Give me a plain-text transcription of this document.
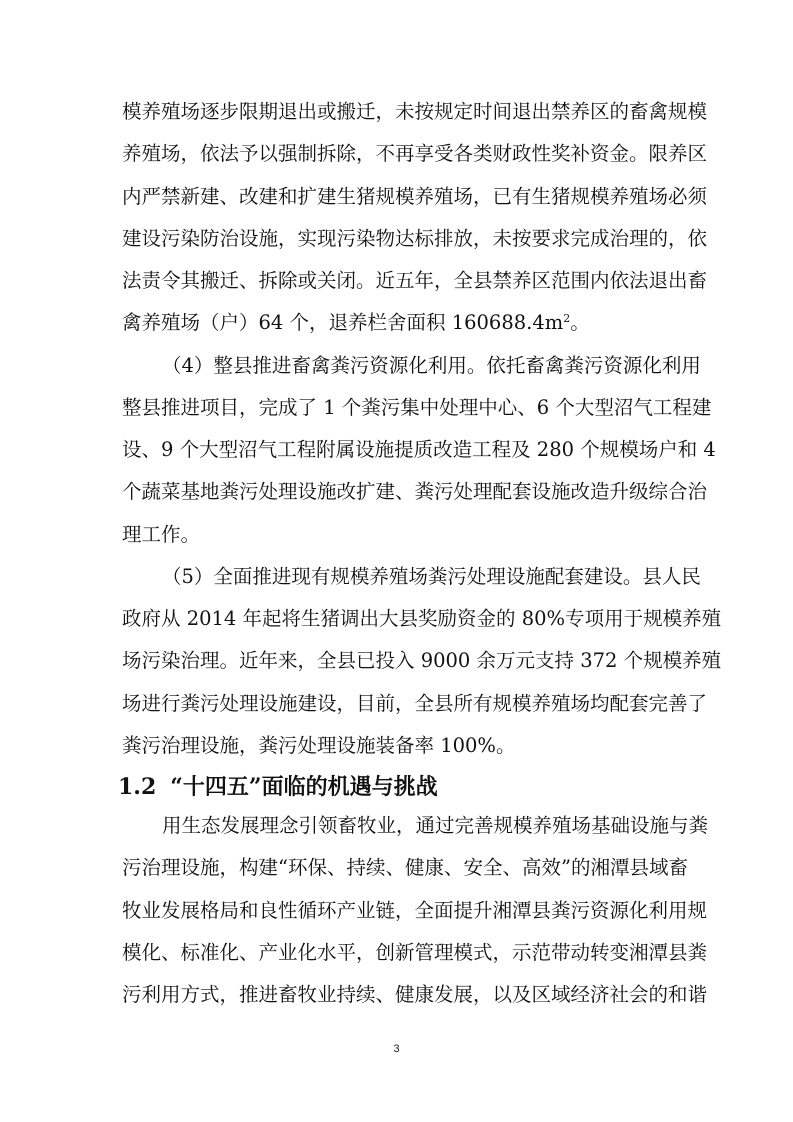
模养殖场逐步限期退出或搬迁，未按规定时间退出禁养区的畜禽规模
养殖场，依法予以强制拆除，不再享受各类财政性奖补资金。限养区
内严禁新建、改建和扩建生猪规模养殖场，已有生猪规模养殖场必须
建设污染防治设施，实现污染物达标排放，未按要求完成治理的，依
法责令其搬迁、拆除或关闭。近五年，全县禁养区范围内依法退出畜
禽养殖场（户）64 个，退养栏舍面积 $160688.4m^2$。
（4）整县推进畜禽粪污资源化利用。依托畜禽粪污资源化利用
整县推进项目，完成了 1 个粪污集中处理中心、6 个大型沼气工程建
设、9 个大型沼气工程附属设施提质改造工程及 280 个规模场户和 4
个蔬菜基地粪污处理设施改扩建、粪污处理配套设施改造升级综合治
理工作。
（5）全面推进现有规模养殖场粪污处理设施配套建设。县人民
政府从 2014 年起将生猪调出大县奖励资金的 80%专项用于规模养殖
场污染治理。近年来，全县已投入 9000 余万元支持 372 个规模养殖
1.2 “十四五”面临的机遇与挑战
用生态发展理念引领畜牧业，通过完善规模养殖场基础设施与粪
污治理设施，构建“环保、持续、健康、安全、高效”的湘潭县域畜
牧业发展格局和良性循环产业链，全面提升湘潭县粪污资源化利用规
模化、标准化、产业化水平，创新管理模式，示范带动转变湘潭县粪
污利用方式，推进畜牧业持续、健康发展，以及区域经济社会的和谐
3
场进行粪污处理设施建设，目前，全县所有规模养殖场均配套完善了
粪污治理设施，粪污处理设施装备率 100%。
